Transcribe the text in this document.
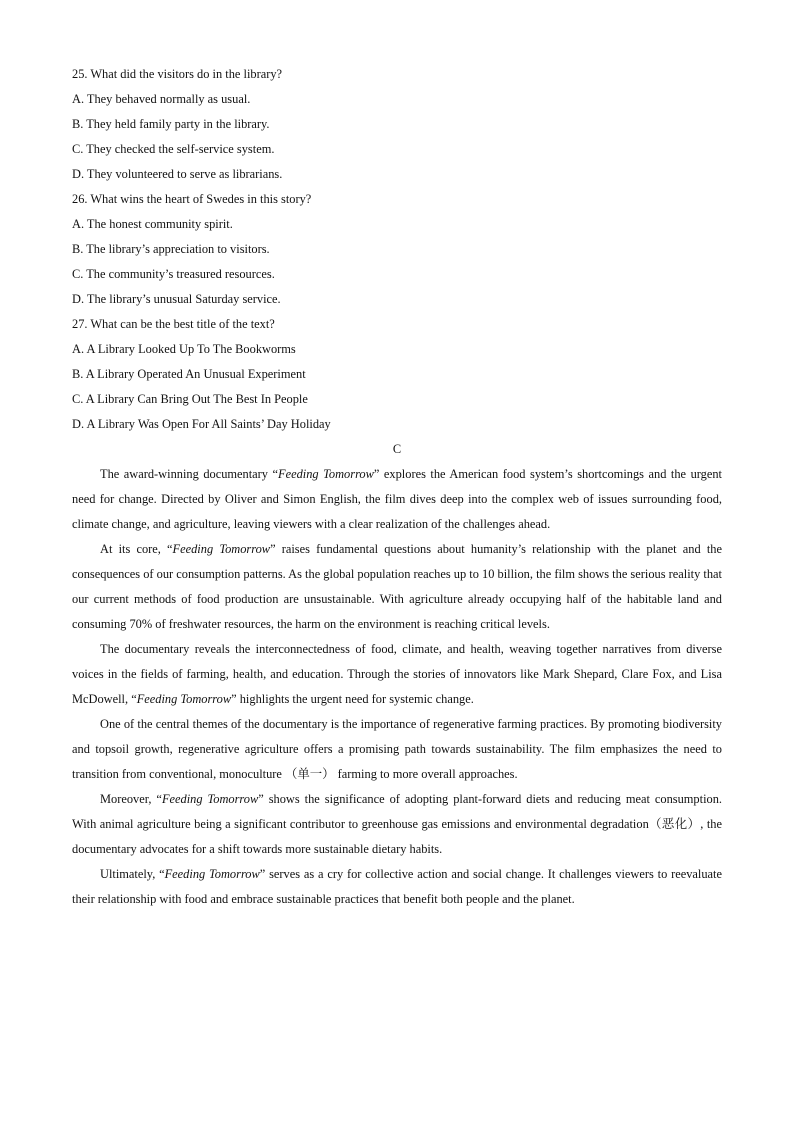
25. What did the visitors do in the library?
A. They behaved normally as usual.
B. They held family party in the library.
C. They checked the self-service system.
D. They volunteered to serve as librarians.
26. What wins the heart of Swedes in this story?
A. The honest community spirit.
B. The library’s appreciation to visitors.
C. The community’s treasured resources.
D. The library’s unusual Saturday service.
27. What can be the best title of the text?
A. A Library Looked Up To The Bookworms
B. A Library Operated An Unusual Experiment
C. A Library Can Bring Out The Best In People
D. A Library Was Open For All Saints’ Day Holiday
C

The award-winning documentary “Feeding Tomorrow” explores the American food system’s shortcomings and the urgent need for change. Directed by Oliver and Simon English, the film dives deep into the complex web of issues surrounding food, climate change, and agriculture, leaving viewers with a clear realization of the challenges ahead.

At its core, “Feeding Tomorrow” raises fundamental questions about humanity’s relationship with the planet and the consequences of our consumption patterns. As the global population reaches up to 10 billion, the film shows the serious reality that our current methods of food production are unsustainable. With agriculture already occupying half of the habitable land and consuming 70% of freshwater resources, the harm on the environment is reaching critical levels.

The documentary reveals the interconnectedness of food, climate, and health, weaving together narratives from diverse voices in the fields of farming, health, and education. Through the stories of innovators like Mark Shepard, Clare Fox, and Lisa McDowell, “Feeding Tomorrow” highlights the urgent need for systemic change.

One of the central themes of the documentary is the importance of regenerative farming practices. By promoting biodiversity and topsoil growth, regenerative agriculture offers a promising path towards sustainability. The film emphasizes the need to transition from conventional, monoculture （单一） farming to more overall approaches.

Moreover, “Feeding Tomorrow” shows the significance of adopting plant-forward diets and reducing meat consumption. With animal agriculture being a significant contributor to greenhouse gas emissions and environmental degradation（恶化）, the documentary advocates for a shift towards more sustainable dietary habits.

Ultimately, “Feeding Tomorrow” serves as a cry for collective action and social change. It challenges viewers to reevaluate their relationship with food and embrace sustainable practices that benefit both people and the planet.
